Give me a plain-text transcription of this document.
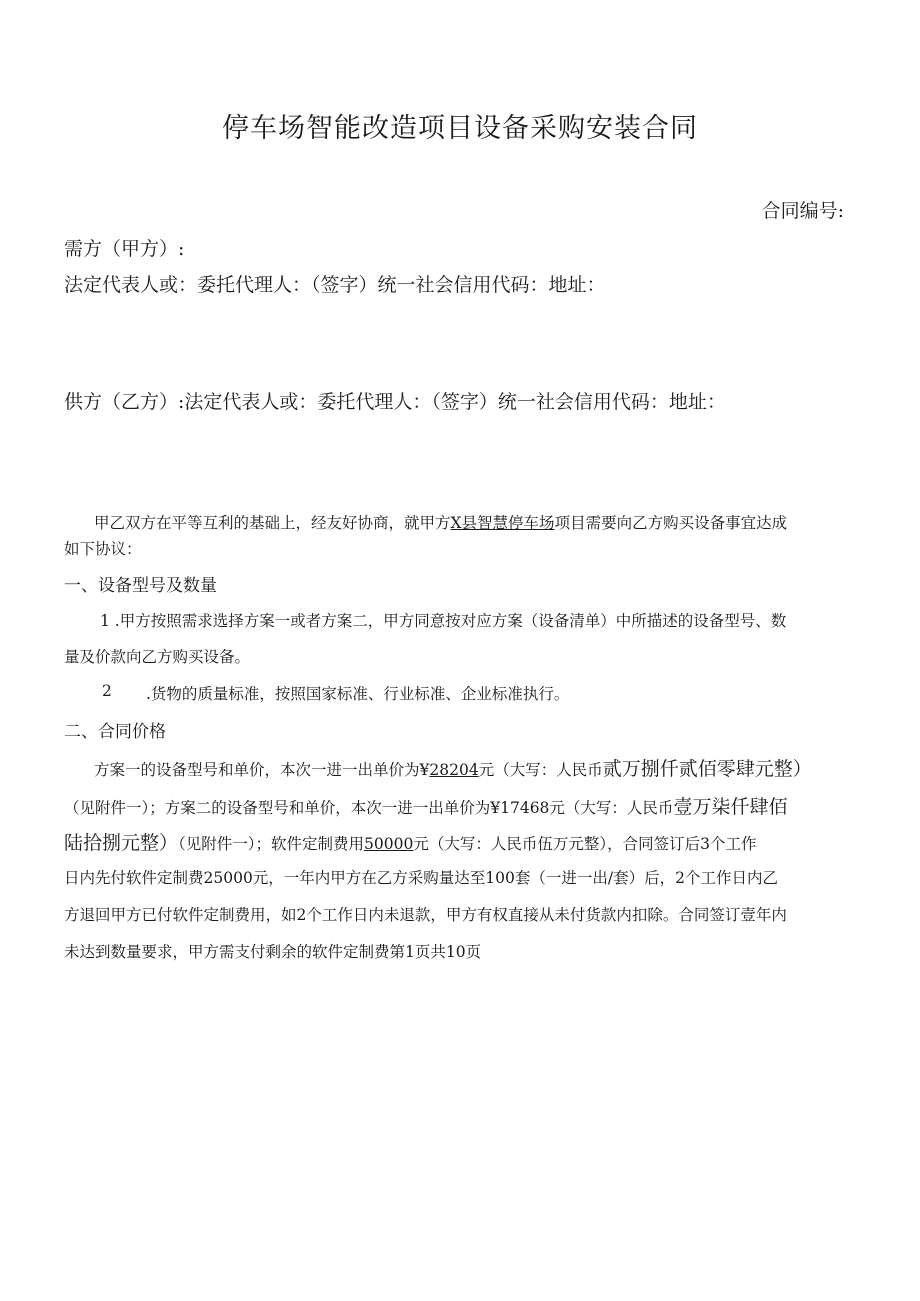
停车场智能改造项目设备采购安装合同
合同编号:
需方（甲方）:
法定代表人或：委托代理人：（签字）统一社会信用代码：地址：
供方（乙方）:法定代表人或：委托代理人：（签字）统一社会信用代码：地址：
甲乙双方在平等互利的基础上，经友好协商，就甲方X县智慧停车场项目需要向乙方购买设备事宜达成
如下协议：
一、设备型号及数量
1 .甲方按照需求选择方案一或者方案二，甲方同意按对应方案（设备清单）中所描述的设备型号、数
量及价款向乙方购买设备。
2 .货物的质量标准，按照国家标准、行业标准、企业标准执行。
二、合同价格
方案一的设备型号和单价，本次一进一出单价为¥28204元（大写：人民币贰万捌仟贰佰零肆元整）
（见附件一）；方案二的设备型号和单价，本次一进一出单价为¥17468元（大写：人民币壹万柒仟肆佰
陆拾捌元整）（见附件一）；软件定制费用50000元（大写：人民币伍万元整），合同签订后3个工作
日内先付软件定制费25000元，一年内甲方在乙方采购量达至100套（一进一出/套）后，2个工作日内乙
方退回甲方已付软件定制费用，如2个工作日内未退款，甲方有权直接从未付货款内扣除。合同签订壹年内
未达到数量要求，甲方需支付剩余的软件定制费第1页共10页
